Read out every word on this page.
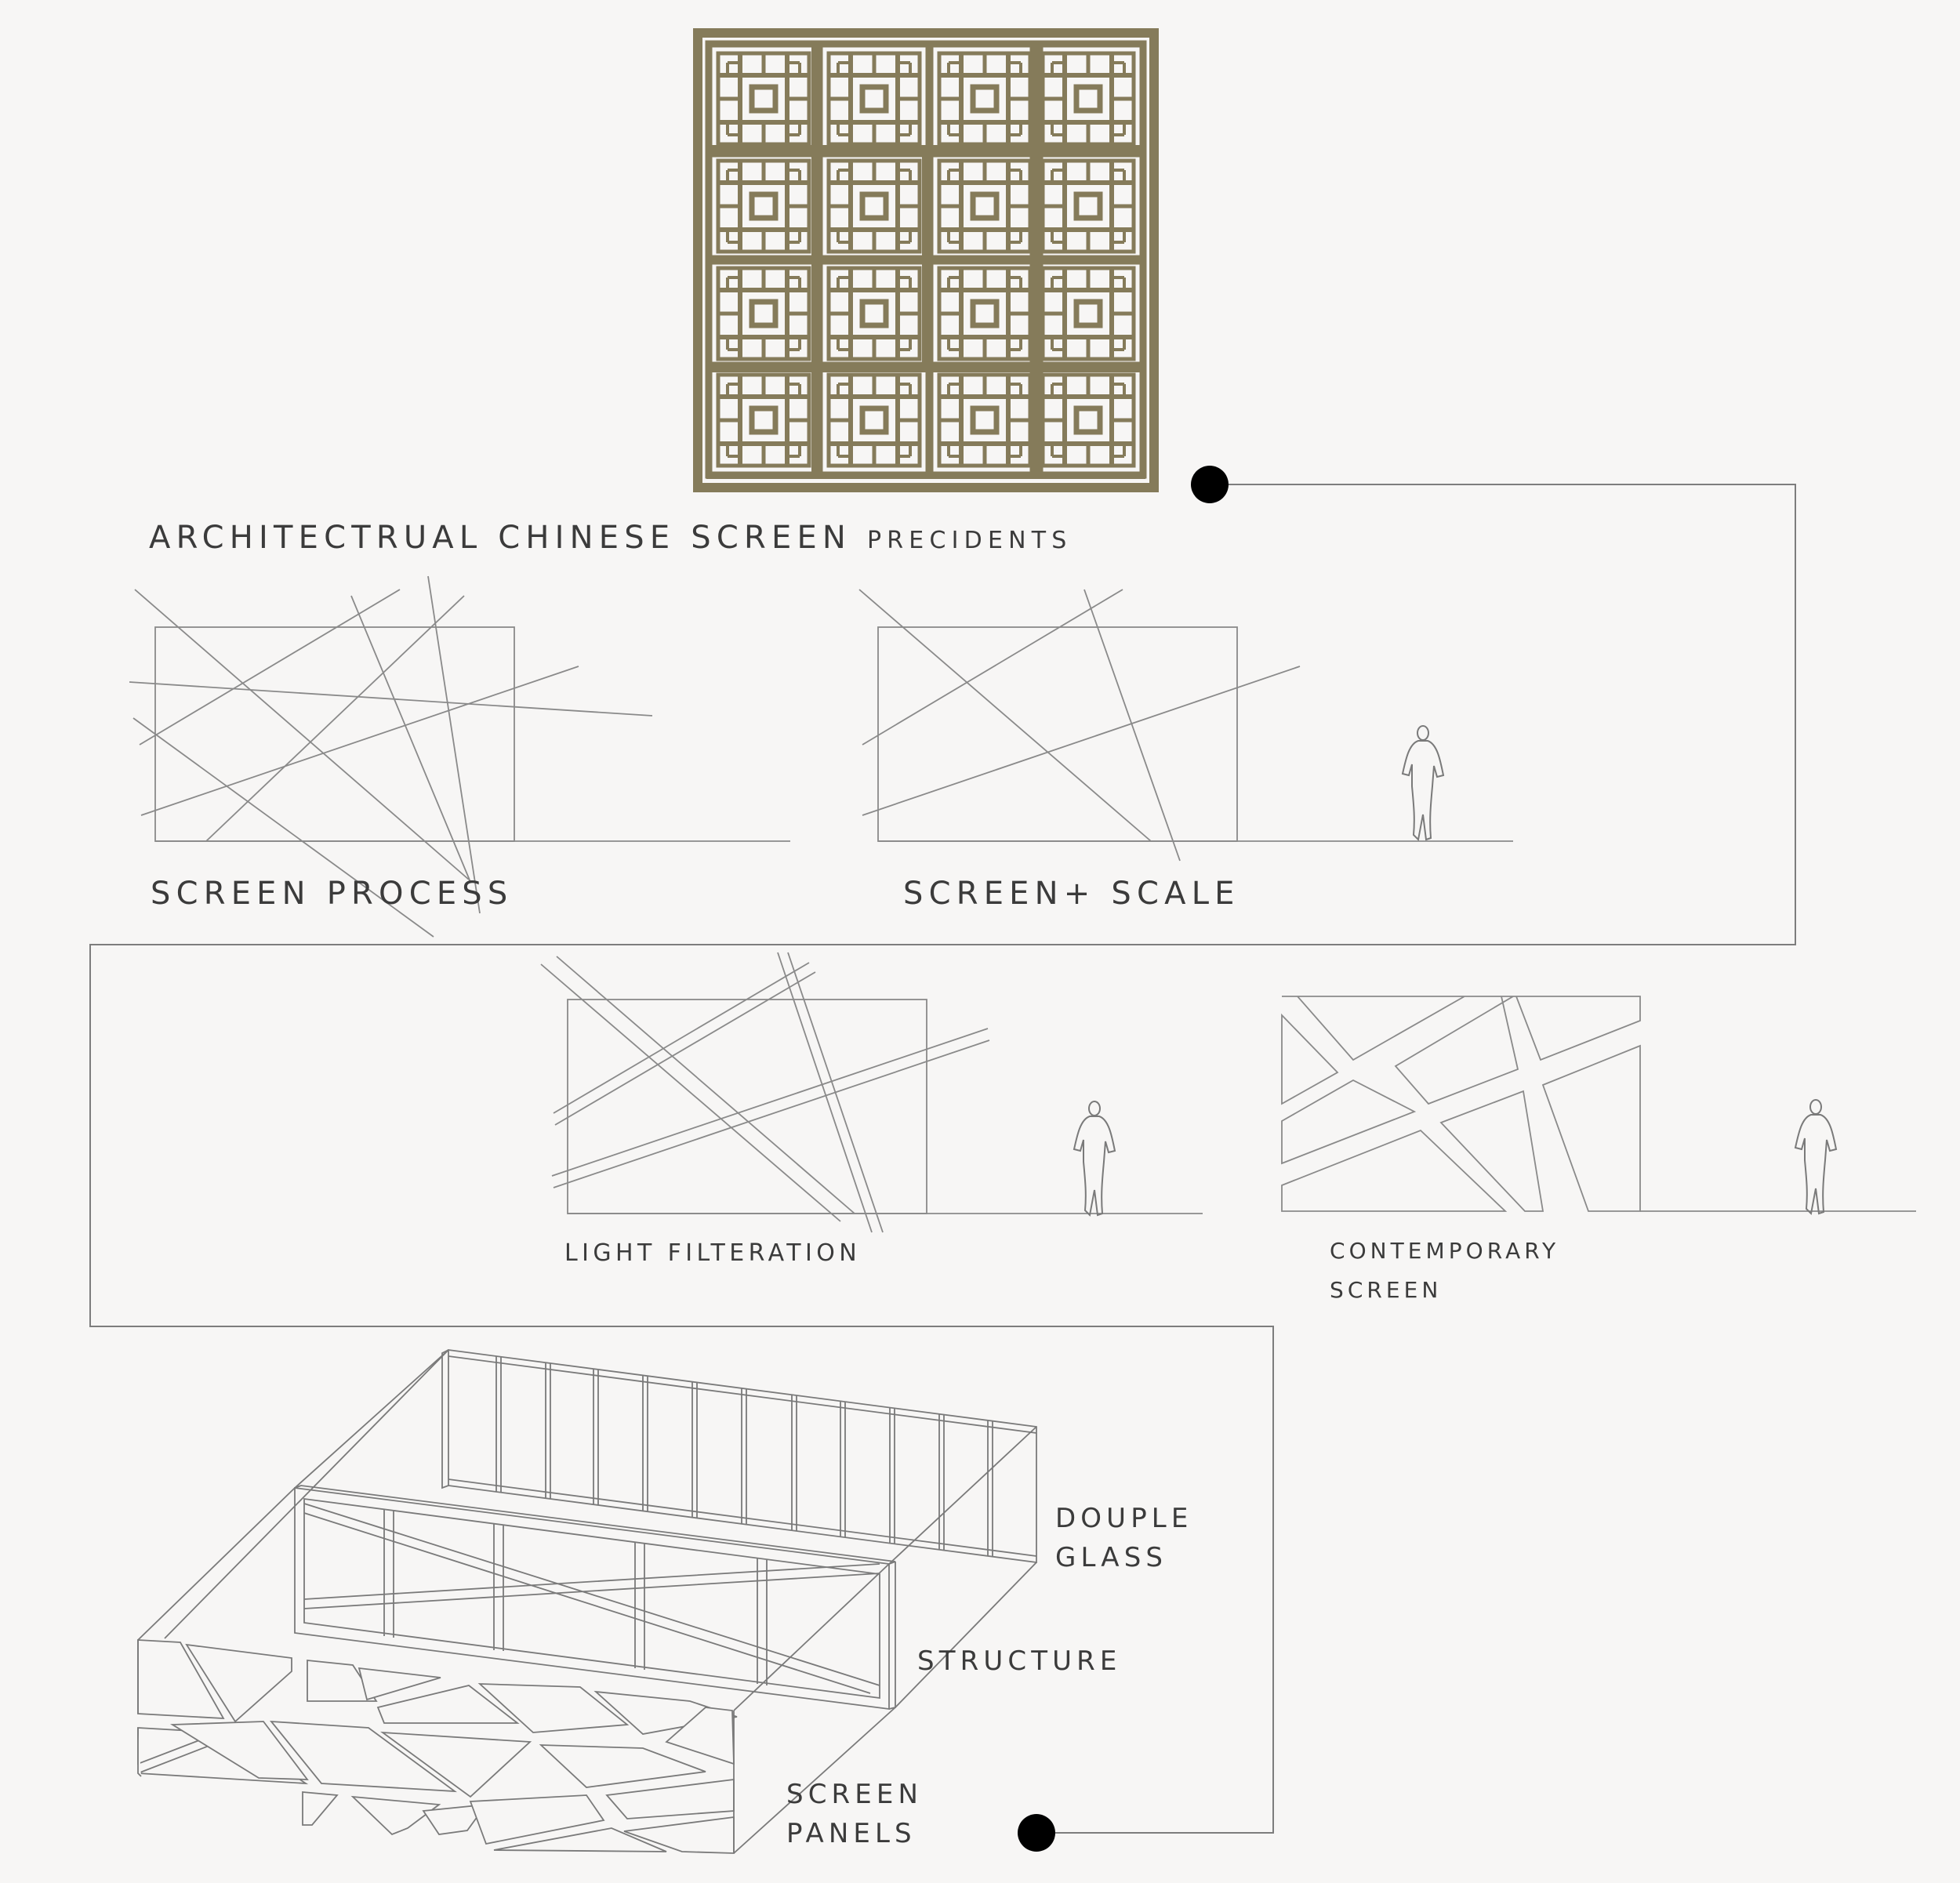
ARCHITECTRUAL CHINESE SCREEN PRECIDENTS
SCREEN PROCESS	SCREEN+ SCALE
LIGHT FILTERATION	CONTEMPORARY
SCREEN
DOUPLE
GLASS
STRUCTURE
SCREEN
PANELS
